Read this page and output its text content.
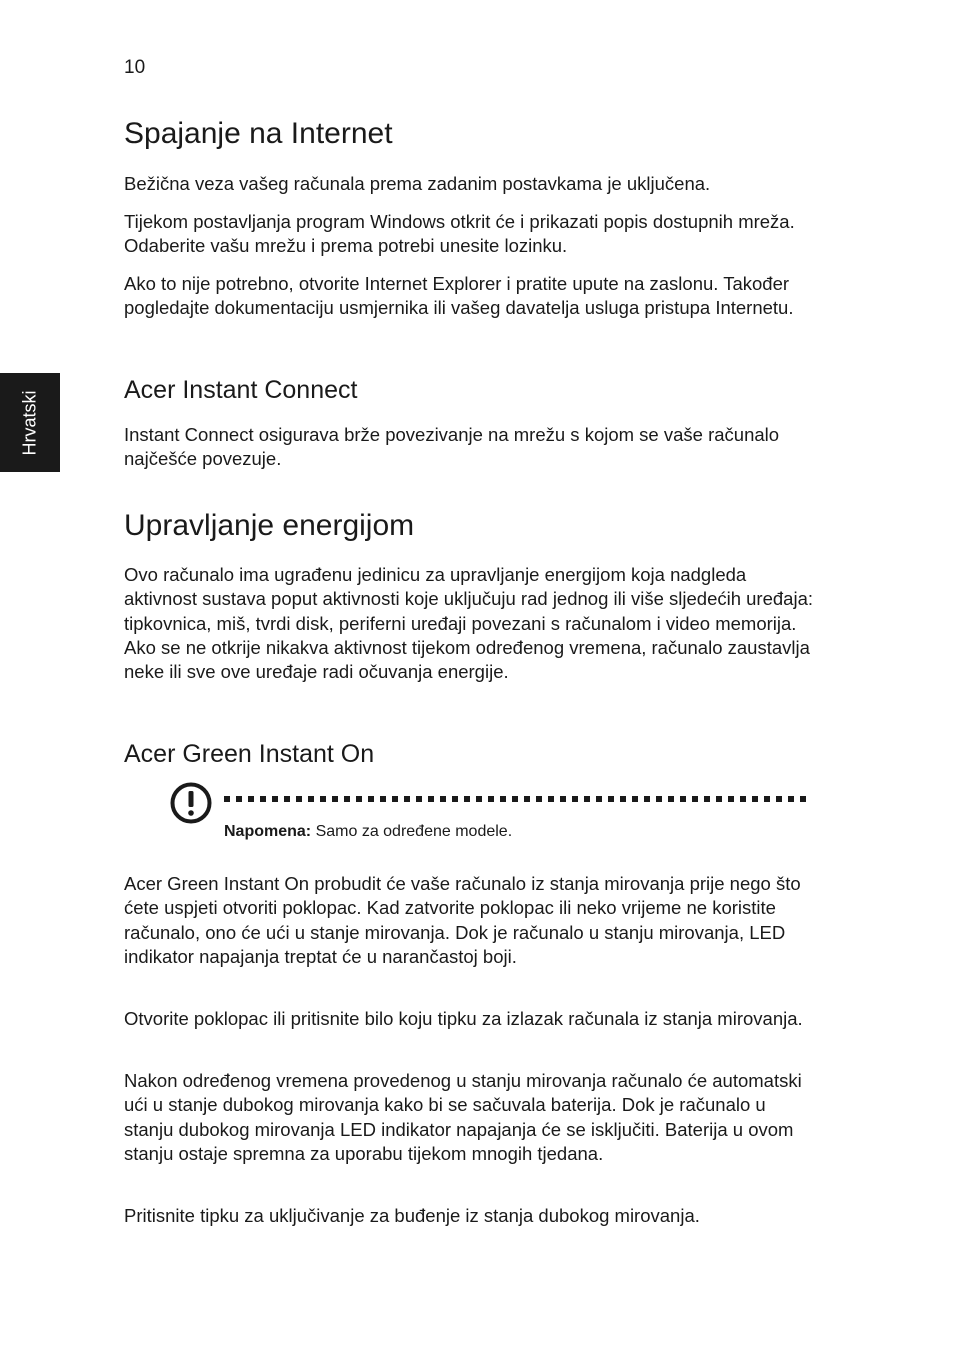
10
Hrvatski
Spajanje na Internet

Bežična veza vašeg računala prema zadanim postavkama je uključena.

Tijekom postavljanja program Windows otkrit će i prikazati popis dostupnih mreža. Odaberite vašu mrežu i prema potrebi unesite lozinku.

Ako to nije potrebno, otvorite Internet Explorer i pratite upute na zaslonu. Također pogledajte dokumentaciju usmjernika ili vašeg davatelja usluga pristupa Internetu.

Acer Instant Connect

Instant Connect osigurava brže povezivanje na mrežu s kojom se vaše računalo najčešće povezuje.

Upravljanje energijom

Ovo računalo ima ugrađenu jedinicu za upravljanje energijom koja nadgleda aktivnost sustava poput aktivnosti koje uključuju rad jednog ili više sljedećih uređaja: tipkovnica, miš, tvrdi disk, periferni uređaji povezani s računalom i video memorija. Ako se ne otkrije nikakva aktivnost tijekom određenog vremena, računalo zaustavlja neke ili sve ove uređaje radi očuvanja energije.

Acer Green Instant On

Acer Green Instant On probudit će vaše računalo iz stanja mirovanja prije nego što ćete uspjeti otvoriti poklopac. Kad zatvorite poklopac ili neko vrijeme ne koristite računalo, ono će ući u stanje mirovanja. Dok je računalo u stanju mirovanja, LED indikator napajanja treptat će u narančastoj boji.

Otvorite poklopac ili pritisnite bilo koju tipku za izlazak računala iz stanja mirovanja.

Nakon određenog vremena provedenog u stanju mirovanja računalo će automatski ući u stanje dubokog mirovanja kako bi se sačuvala baterija. Dok je računalo u stanju dubokog mirovanja LED indikator napajanja će se isključiti. Baterija u ovom stanju ostaje spremna za uporabu tijekom mnogih tjedana.

Pritisnite tipku za uključivanje za buđenje iz stanja dubokog mirovanja.

Napomena: Samo za određene modele.
